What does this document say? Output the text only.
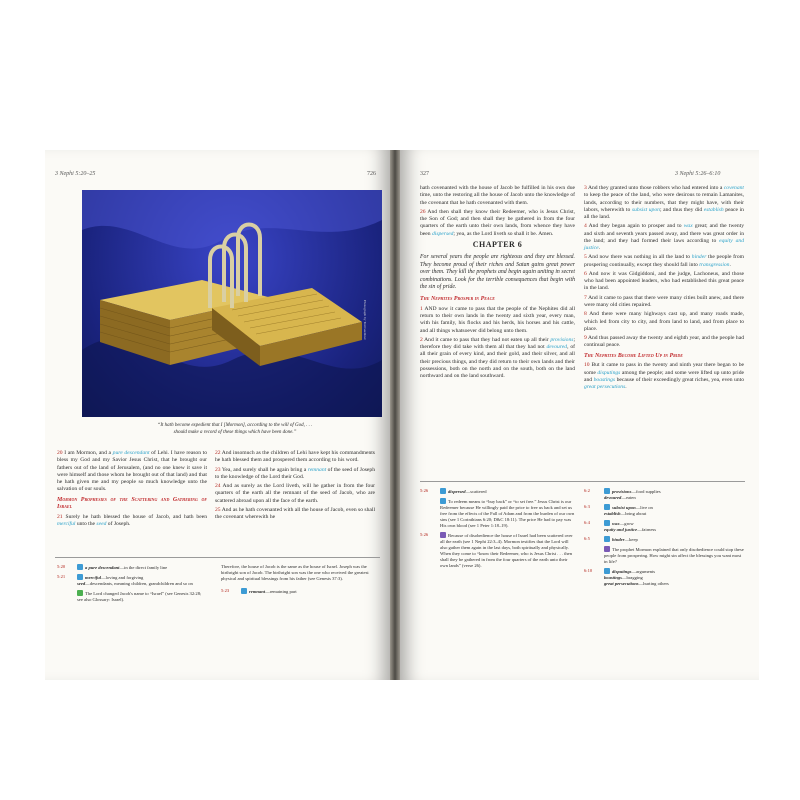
3 Nephi 5:20–25	726
Photograph by Ted Gardiner
“It hath become expedient that I [Mormon], according to the will of God, . . .
should make a record of these things which have been done.”

20 I am Mormon, and a pure descendant of Lehi. I have reason to bless my God and my Savior Jesus Christ, that he brought our fathers out of the land of Jerusalem, (and no one knew it save it were himself and those whom he brought out of that land) and that he hath given me and my people so much knowledge unto the salvation of our souls.

Mormon Prophesies of the Scattering and Gathering of Israel

21 Surely he hath blessed the house of Jacob, and hath been merciful unto the seed of Joseph.

22 And insomuch as the children of Lehi have kept his commandments he hath blessed them and prospered them according to his word.

23 Yea, and surely shall he again bring a remnant of the seed of Joseph to the knowledge of the Lord their God.

24 And as surely as the Lord liveth, will he gather in from the four quarters of the earth all the remnant of the seed of Jacob, who are scattered abroad upon all the face of the earth.

25 And as he hath covenanted with all the house of Jacob, even so shall the covenant wherewith he

5:20	a pure descendant—in the direct family line
5:21	merciful—loving and forgiving
seed—descendants, meaning children, grandchildren and so on
The Lord changed Jacob's name to “Israel” (see Genesis 32:28; see also Glossary: Israel).
Therefore, the house of Jacob is the same as the house of Israel. Joseph was the birthright son of Jacob. The birthright son was the one who received the greatest physical and spiritual blessings from his father (see Genesis 37:3).
5:23	remnant—remaining part
327	3 Nephi 5:26–6:10

hath covenanted with the house of Jacob be fulfilled in his own due time, unto the restoring all the house of Jacob unto the knowledge of the covenant that he hath covenanted with them.

26 And then shall they know their Redeemer, who is Jesus Christ, the Son of God; and then shall they be gathered in from the four quarters of the earth unto their own lands, from whence they have been dispersed; yea, as the Lord liveth so shall it be. Amen.

CHAPTER 6
For several years the people are righteous and they are blessed. They become proud of their riches and Satan gains great power over them. They kill the prophets and begin again uniting in secret combinations. Look for the terrible consequences that begin with the sin of pride.
The Nephites Prosper in Peace

1 AND now it came to pass that the people of the Nephites did all return to their own lands in the twenty and sixth year, every man, with his family, his flocks and his herds, his horses and his cattle, and all things whatsoever did belong unto them.

2 And it came to pass that they had not eaten up all their provisions; therefore they did take with them all that they had not devoured, of all their grain of every kind, and their gold, and their silver, and all their precious things, and they did return to their own lands and their possessions, both on the north and on the south, both on the land northward and on the land southward.

3 And they granted unto those robbers who had entered into a covenant to keep the peace of the land, who were desirous to remain Lamanites, lands, according to their numbers, that they might have, with their labors, wherewith to subsist upon; and thus they did establish peace in all the land.

4 And they began again to prosper and to wax great; and the twenty and sixth and seventh years passed away, and there was great order in the land; and they had formed their laws according to equity and justice.

5 And now there was nothing in all the land to hinder the people from prospering continually, except they should fall into transgression.

6 And now it was Gidgiddoni, and the judge, Lachoneus, and those who had been appointed leaders, who had established this great peace in the land.

7 And it came to pass that there were many cities built anew, and there were many old cities repaired.

8 And there were many highways cast up, and many roads made, which led from city to city, and from land to land, and from place to place.

9 And thus passed away the twenty and eighth year, and the people had continual peace.

The Nephites Become Lifted Up in Pride

10 But it came to pass in the twenty and ninth year there began to be some disputings among the people; and some were lifted up unto pride and boastings because of their exceedingly great riches, yea, even unto great persecutions.

5:26	dispersed—scattered
To redeem means to “buy back” or “to set free.” Jesus Christ is our Redeemer because He willingly paid the price to free us back and set us free from the effects of the Fall of Adam and from the burden of our own sins (see 1 Corinthians 6:20; D&C 18:11). The price He had to pay was His own blood (see 1 Peter 1:18–19).
5:26	Because of disobedience the house of Israel had been scattered over all the earth (see 1 Nephi 22:3–4). Mormon testifies that the Lord will also gather them again in the last days, both spiritually and physically. When they come to “know their Redeemer, who is Jesus Christ . . . then shall they be gathered in from the four quarters of the earth unto their own lands” (verse 26).
6:2	provisions—food supplies
devoured—eaten
6:3	subsist upon—live on
establish—bring about
6:4	wax—grow
equity and justice—fairness
6:5	hinder—keep
The prophet Mormon explained that only disobedience could stop these people from prospering. How might sin affect the blessings you want most in life?
6:10	disputings—arguments
boastings—bragging
great persecutions—hurting others
